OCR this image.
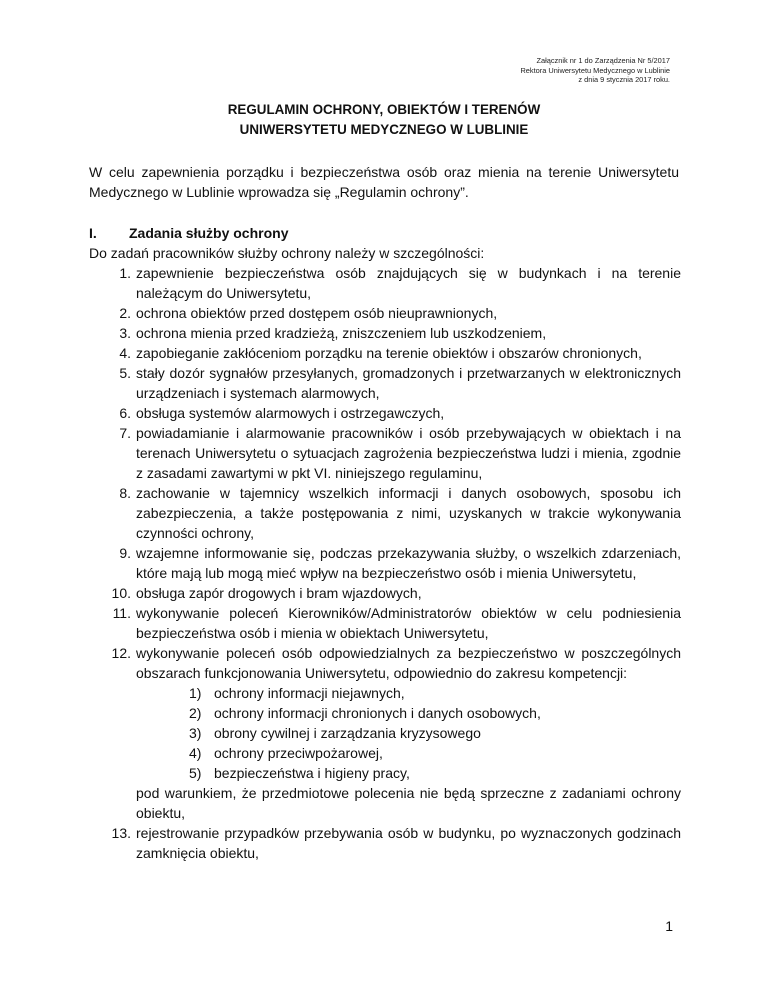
Załącznik nr 1 do Zarządzenia Nr 5/2017
Rektora Uniwersytetu Medycznego w Lublinie
z dnia 9 stycznia 2017 roku.
REGULAMIN OCHRONY, OBIEKTÓW I TERENÓW
UNIWERSYTETU MEDYCZNEGO W LUBLINIE
W celu zapewnienia porządku i bezpieczeństwa osób oraz mienia na terenie Uniwersytetu Medycznego w Lublinie wprowadza się „Regulamin ochrony”.
I. Zadania służby ochrony
Do zadań pracowników służby ochrony należy w szczególności:
1. zapewnienie bezpieczeństwa osób znajdujących się w budynkach i na terenie należącym do Uniwersytetu,
2. ochrona obiektów przed dostępem osób nieuprawnionych,
3. ochrona mienia przed kradzieżą, zniszczeniem lub uszkodzeniem,
4. zapobieganie zakłóceniom porządku na terenie obiektów i obszarów chronionych,
5. stały dozór sygnałów przesyłanych, gromadzonych i przetwarzanych w elektronicznych urządzeniach i systemach alarmowych,
6. obsługa systemów alarmowych i ostrzegawczych,
7. powiadamianie i alarmowanie pracowników i osób przebywających w obiektach i na terenach Uniwersytetu o sytuacjach zagrożenia bezpieczeństwa ludzi i mienia, zgodnie z zasadami zawartymi w pkt VI. niniejszego regulaminu,
8. zachowanie w tajemnicy wszelkich informacji i danych osobowych, sposobu ich zabezpieczenia, a także postępowania z nimi, uzyskanych w trakcie wykonywania czynności ochrony,
9. wzajemne informowanie się, podczas przekazywania służby, o wszelkich zdarzeniach, które mają lub mogą mieć wpływ na bezpieczeństwo osób i mienia Uniwersytetu,
10. obsługa zapór drogowych i bram wjazdowych,
11. wykonywanie poleceń Kierowników/Administratorów obiektów w celu podniesienia bezpieczeństwa osób i mienia w obiektach Uniwersytetu,
12. wykonywanie poleceń osób odpowiedzialnych za bezpieczeństwo w poszczególnych obszarach funkcjonowania Uniwersytetu, odpowiednio do zakresu kompetencji:
1) ochrony informacji niejawnych,
2) ochrony informacji chronionych i danych osobowych,
3) obrony cywilnej i zarządzania kryzysowego
4) ochrony przeciwpożarowej,
5) bezpieczeństwa i higieny pracy,
pod warunkiem, że przedmiotowe polecenia nie będą sprzeczne z zadaniami ochrony obiektu,
13. rejestrowanie przypadków przebywania osób w budynku, po wyznaczonych godzinach zamknięcia obiektu,
1
